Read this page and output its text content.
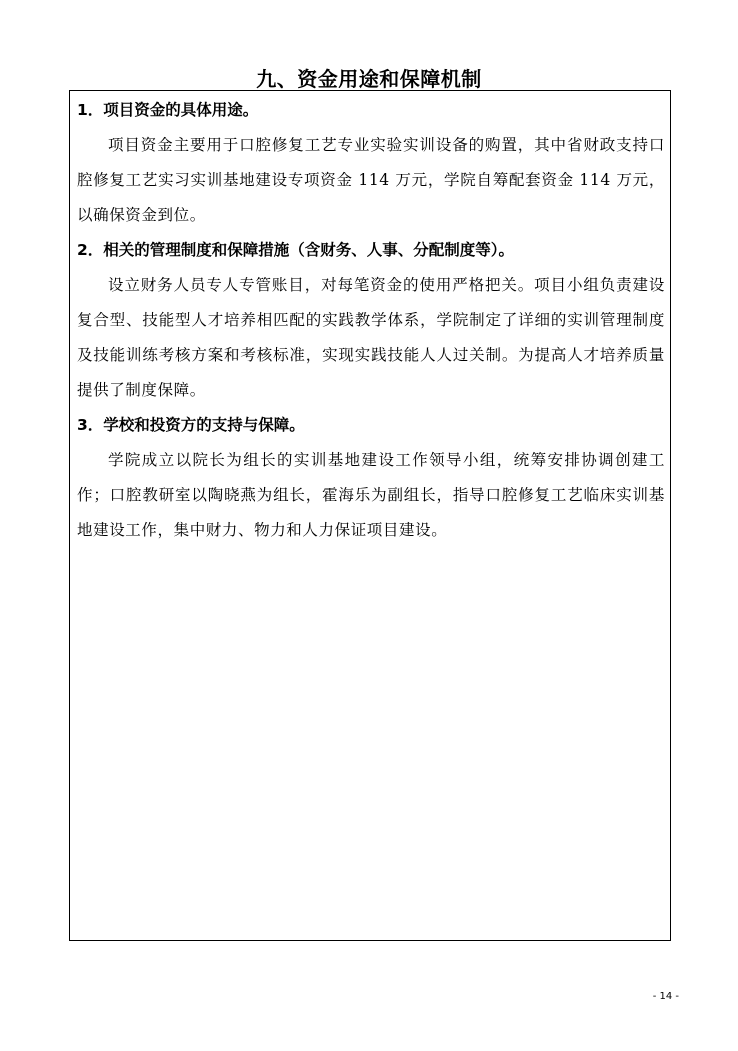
九、资金用途和保障机制
1．项目资金的具体用途。

项目资金主要用于口腔修复工艺专业实验实训设备的购置，其中省财政支持口腔修复工艺实习实训基地建设专项资金 114 万元，学院自筹配套资金 114 万元，以确保资金到位。

2．相关的管理制度和保障措施（含财务、人事、分配制度等）。

设立财务人员专人专管账目，对每笔资金的使用严格把关。项目小组负责建设复合型、技能型人才培养相匹配的实践教学体系，学院制定了详细的实训管理制度及技能训练考核方案和考核标准，实现实践技能人人过关制。为提高人才培养质量提供了制度保障。

3．学校和投资方的支持与保障。

学院成立以院长为组长的实训基地建设工作领导小组，统筹安排协调创建工作；口腔教研室以陶晓燕为组长，霍海乐为副组长，指导口腔修复工艺临床实训基地建设工作，集中财力、物力和人力保证项目建设。

- 14 -
